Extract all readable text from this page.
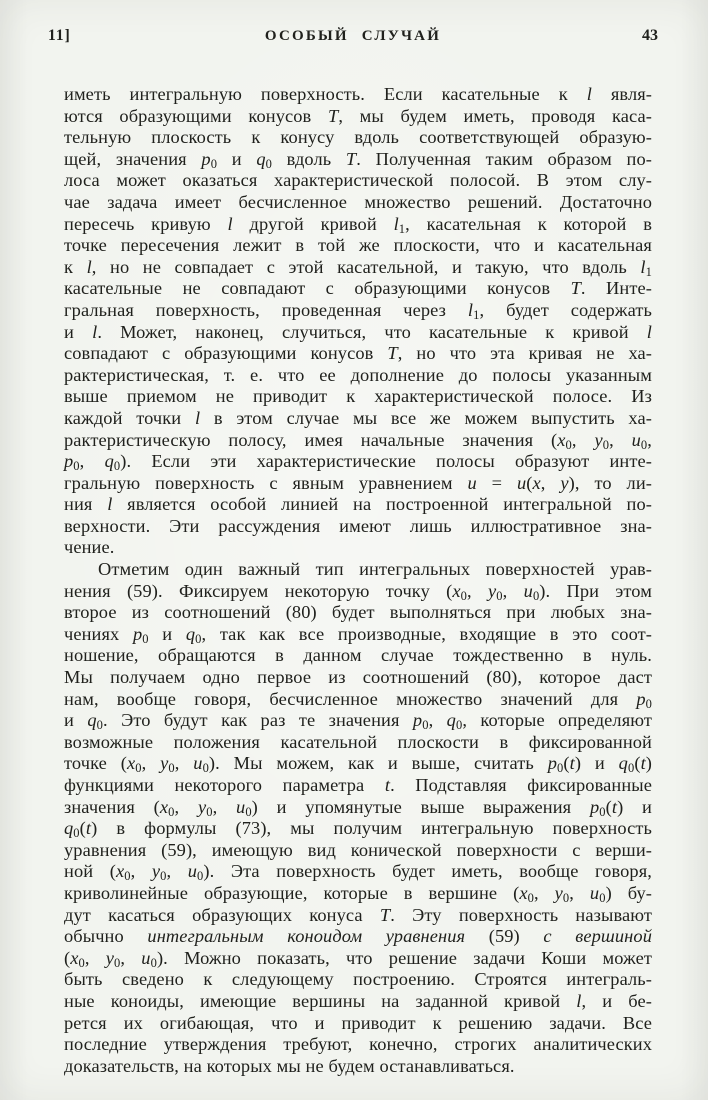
11]	ОСОБЫЙ СЛУЧАЙ	43
иметь интегральную поверхность. Если касательные к l явля-
ются образующими конусов T, мы будем иметь, проводя каса-
тельную плоскость к конусу вдоль соответствующей образую-
щей, значения $p_0$ и $q_0$ вдоль T. Полученная таким образом по-
лоса может оказаться характеристической полосой. В этом слу-
чае задача имеет бесчисленное множество решений. Достаточно
пересечь кривую l другой кривой $l_1$, касательная к которой в
точке пересечения лежит в той же плоскости, что и касательная
к l, но не совпадает с этой касательной, и такую, что вдоль $l_1$
касательные не совпадают с образующими конусов T. Инте-
гральная поверхность, проведенная через $l_1$, будет содержать
и l. Может, наконец, случиться, что касательные к кривой l
совпадают с образующими конусов T, но что эта кривая не ха-
рактеристическая, т. е. что ее дополнение до полосы указанным
выше приемом не приводит к характеристической полосе. Из
каждой точки l в этом случае мы все же можем выпустить ха-
рактеристическую полосу, имея начальные значения ($x_0$, $y_0$, $u_0$,
$p_0$, $q_0$). Если эти характеристические полосы образуют инте-
гральную поверхность с явным уравнением u = u(x, y), то ли-
ния l является особой линией на построенной интегральной по-
верхности. Эти рассуждения имеют лишь иллюстративное зна-
чение.
Отметим один важный тип интегральных поверхностей урав-
нения (59). Фиксируем некоторую точку ($x_0$, $y_0$, $u_0$). При этом
второе из соотношений (80) будет выполняться при любых зна-
чениях $p_0$ и $q_0$, так как все производные, входящие в это соот-
ношение, обращаются в данном случае тождественно в нуль.
Мы получаем одно первое из соотношений (80), которое даст
нам, вообще говоря, бесчисленное множество значений для $p_0$
и $q_0$. Это будут как раз те значения $p_0$, $q_0$, которые определяют
возможные положения касательной плоскости в фиксированной
точке ($x_0$, $y_0$, $u_0$). Мы можем, как и выше, считать $p_0(t)$ и $q_0(t)$
функциями некоторого параметра t. Подставляя фиксированные
значения ($x_0$, $y_0$, $u_0$) и упомянутые выше выражения $p_0(t)$ и
$q_0(t)$ в формулы (73), мы получим интегральную поверхность
уравнения (59), имеющую вид конической поверхности с верши-
ной ($x_0$, $y_0$, $u_0$). Эта поверхность будет иметь, вообще говоря,
криволинейные образующие, которые в вершине ($x_0$, $y_0$, $u_0$) бу-
дут касаться образующих конуса T. Эту поверхность называют
обычно интегральным коноидом уравнения (59) с вершиной
($x_0$, $y_0$, $u_0$). Можно показать, что решение задачи Коши может
быть сведено к следующему построению. Строятся интеграль-
ные коноиды, имеющие вершины на заданной кривой l, и бе-
рется их огибающая, что и приводит к решению задачи. Все
последние утверждения требуют, конечно, строгих аналитических
доказательств, на которых мы не будем останавливаться.
